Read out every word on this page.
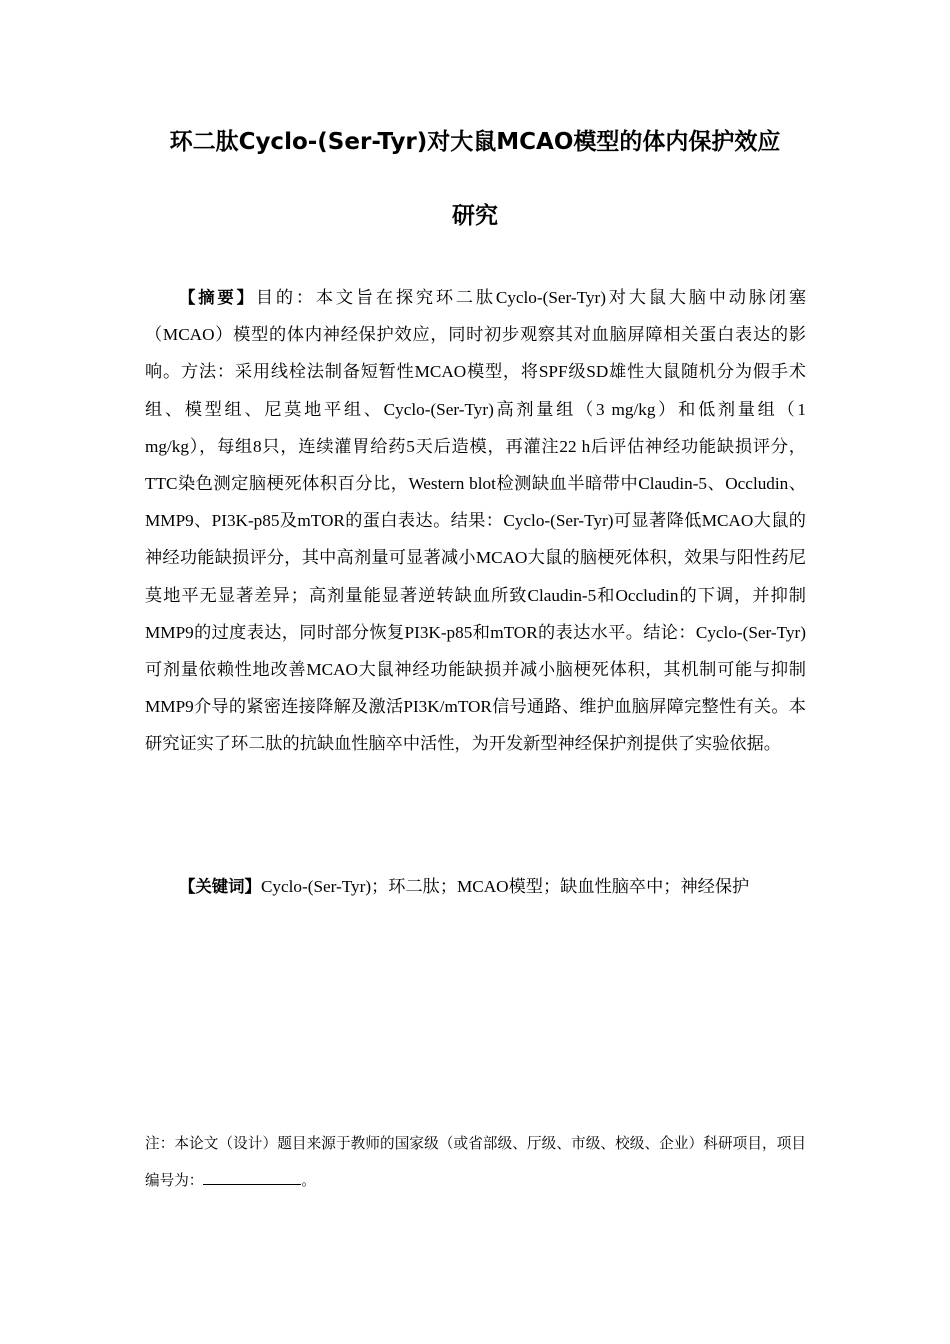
环二肽Cyclo-(Ser-Tyr)对大鼠MCAO模型的体内保护效应
研究

【摘要】目的：本文旨在探究环二肽Cyclo-(Ser-Tyr)对大鼠大脑中动脉闭塞（MCAO）模型的体内神经保护效应，同时初步观察其对血脑屏障相关蛋白表达的影响。方法：采用线栓法制备短暂性MCAO模型，将SPF级SD雄性大鼠随机分为假手术组、模型组、尼莫地平组、Cyclo-(Ser-Tyr)高剂量组（3 mg/kg）和低剂量组（1 mg/kg），每组8只，连续灌胃给药5天后造模，再灌注22 h后评估神经功能缺损评分，TTC染色测定脑梗死体积百分比，Western blot检测缺血半暗带中Claudin-5、Occludin、MMP9、PI3K-p85及mTOR的蛋白表达。结果：Cyclo-(Ser-Tyr)可显著降低MCAO大鼠的神经功能缺损评分，其中高剂量可显著减小MCAO大鼠的脑梗死体积，效果与阳性药尼莫地平无显著差异；高剂量能显著逆转缺血所致Claudin-5和Occludin的下调，并抑制MMP9的过度表达，同时部分恢复PI3K-p85和mTOR的表达水平。结论：Cyclo-(Ser-Tyr)可剂量依赖性地改善MCAO大鼠神经功能缺损并减小脑梗死体积，其机制可能与抑制MMP9介导的紧密连接降解及激活PI3K/mTOR信号通路、维护血脑屏障完整性有关。本研究证实了环二肽的抗缺血性脑卒中活性，为开发新型神经保护剂提供了实验依据。

【关键词】Cyclo-(Ser-Tyr)；环二肽；MCAO模型；缺血性脑卒中；神经保护

注：本论文（设计）题目来源于教师的国家级（或省部级、厅级、市级、校级、企业）科研项目，项目编号为：	。
